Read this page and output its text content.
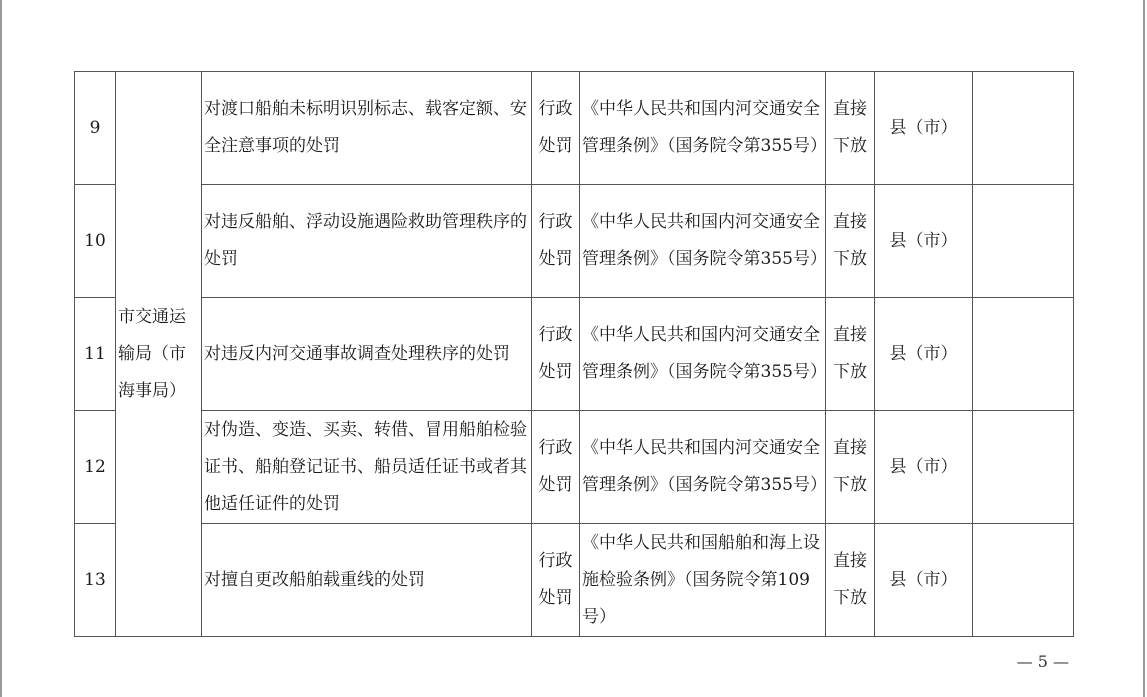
9	市交通运输局（市海事局）	对渡口船舶未标明识别标志、载客定额、安全注意事项的处罚	行政处罚	《中华人民共和国内河交通安全管理条例》（国务院令第355号）	直接下放	县（市）	
10		对违反船舶、浮动设施遇险救助管理秩序的处罚	行政处罚	《中华人民共和国内河交通安全管理条例》（国务院令第355号）	直接下放	县（市）	
11		对违反内河交通事故调查处理秩序的处罚	行政处罚	《中华人民共和国内河交通安全管理条例》（国务院令第355号）	直接下放	县（市）	
12		对伪造、变造、买卖、转借、冒用船舶检验证书、船舶登记证书、船员适任证书或者其他适任证件的处罚	行政处罚	《中华人民共和国内河交通安全管理条例》（国务院令第355号）	直接下放	县（市）	
13		对擅自更改船舶载重线的处罚	行政处罚	《中华人民共和国船舶和海上设施检验条例》（国务院令第109号）	直接下放	县（市）	
— 5 —
